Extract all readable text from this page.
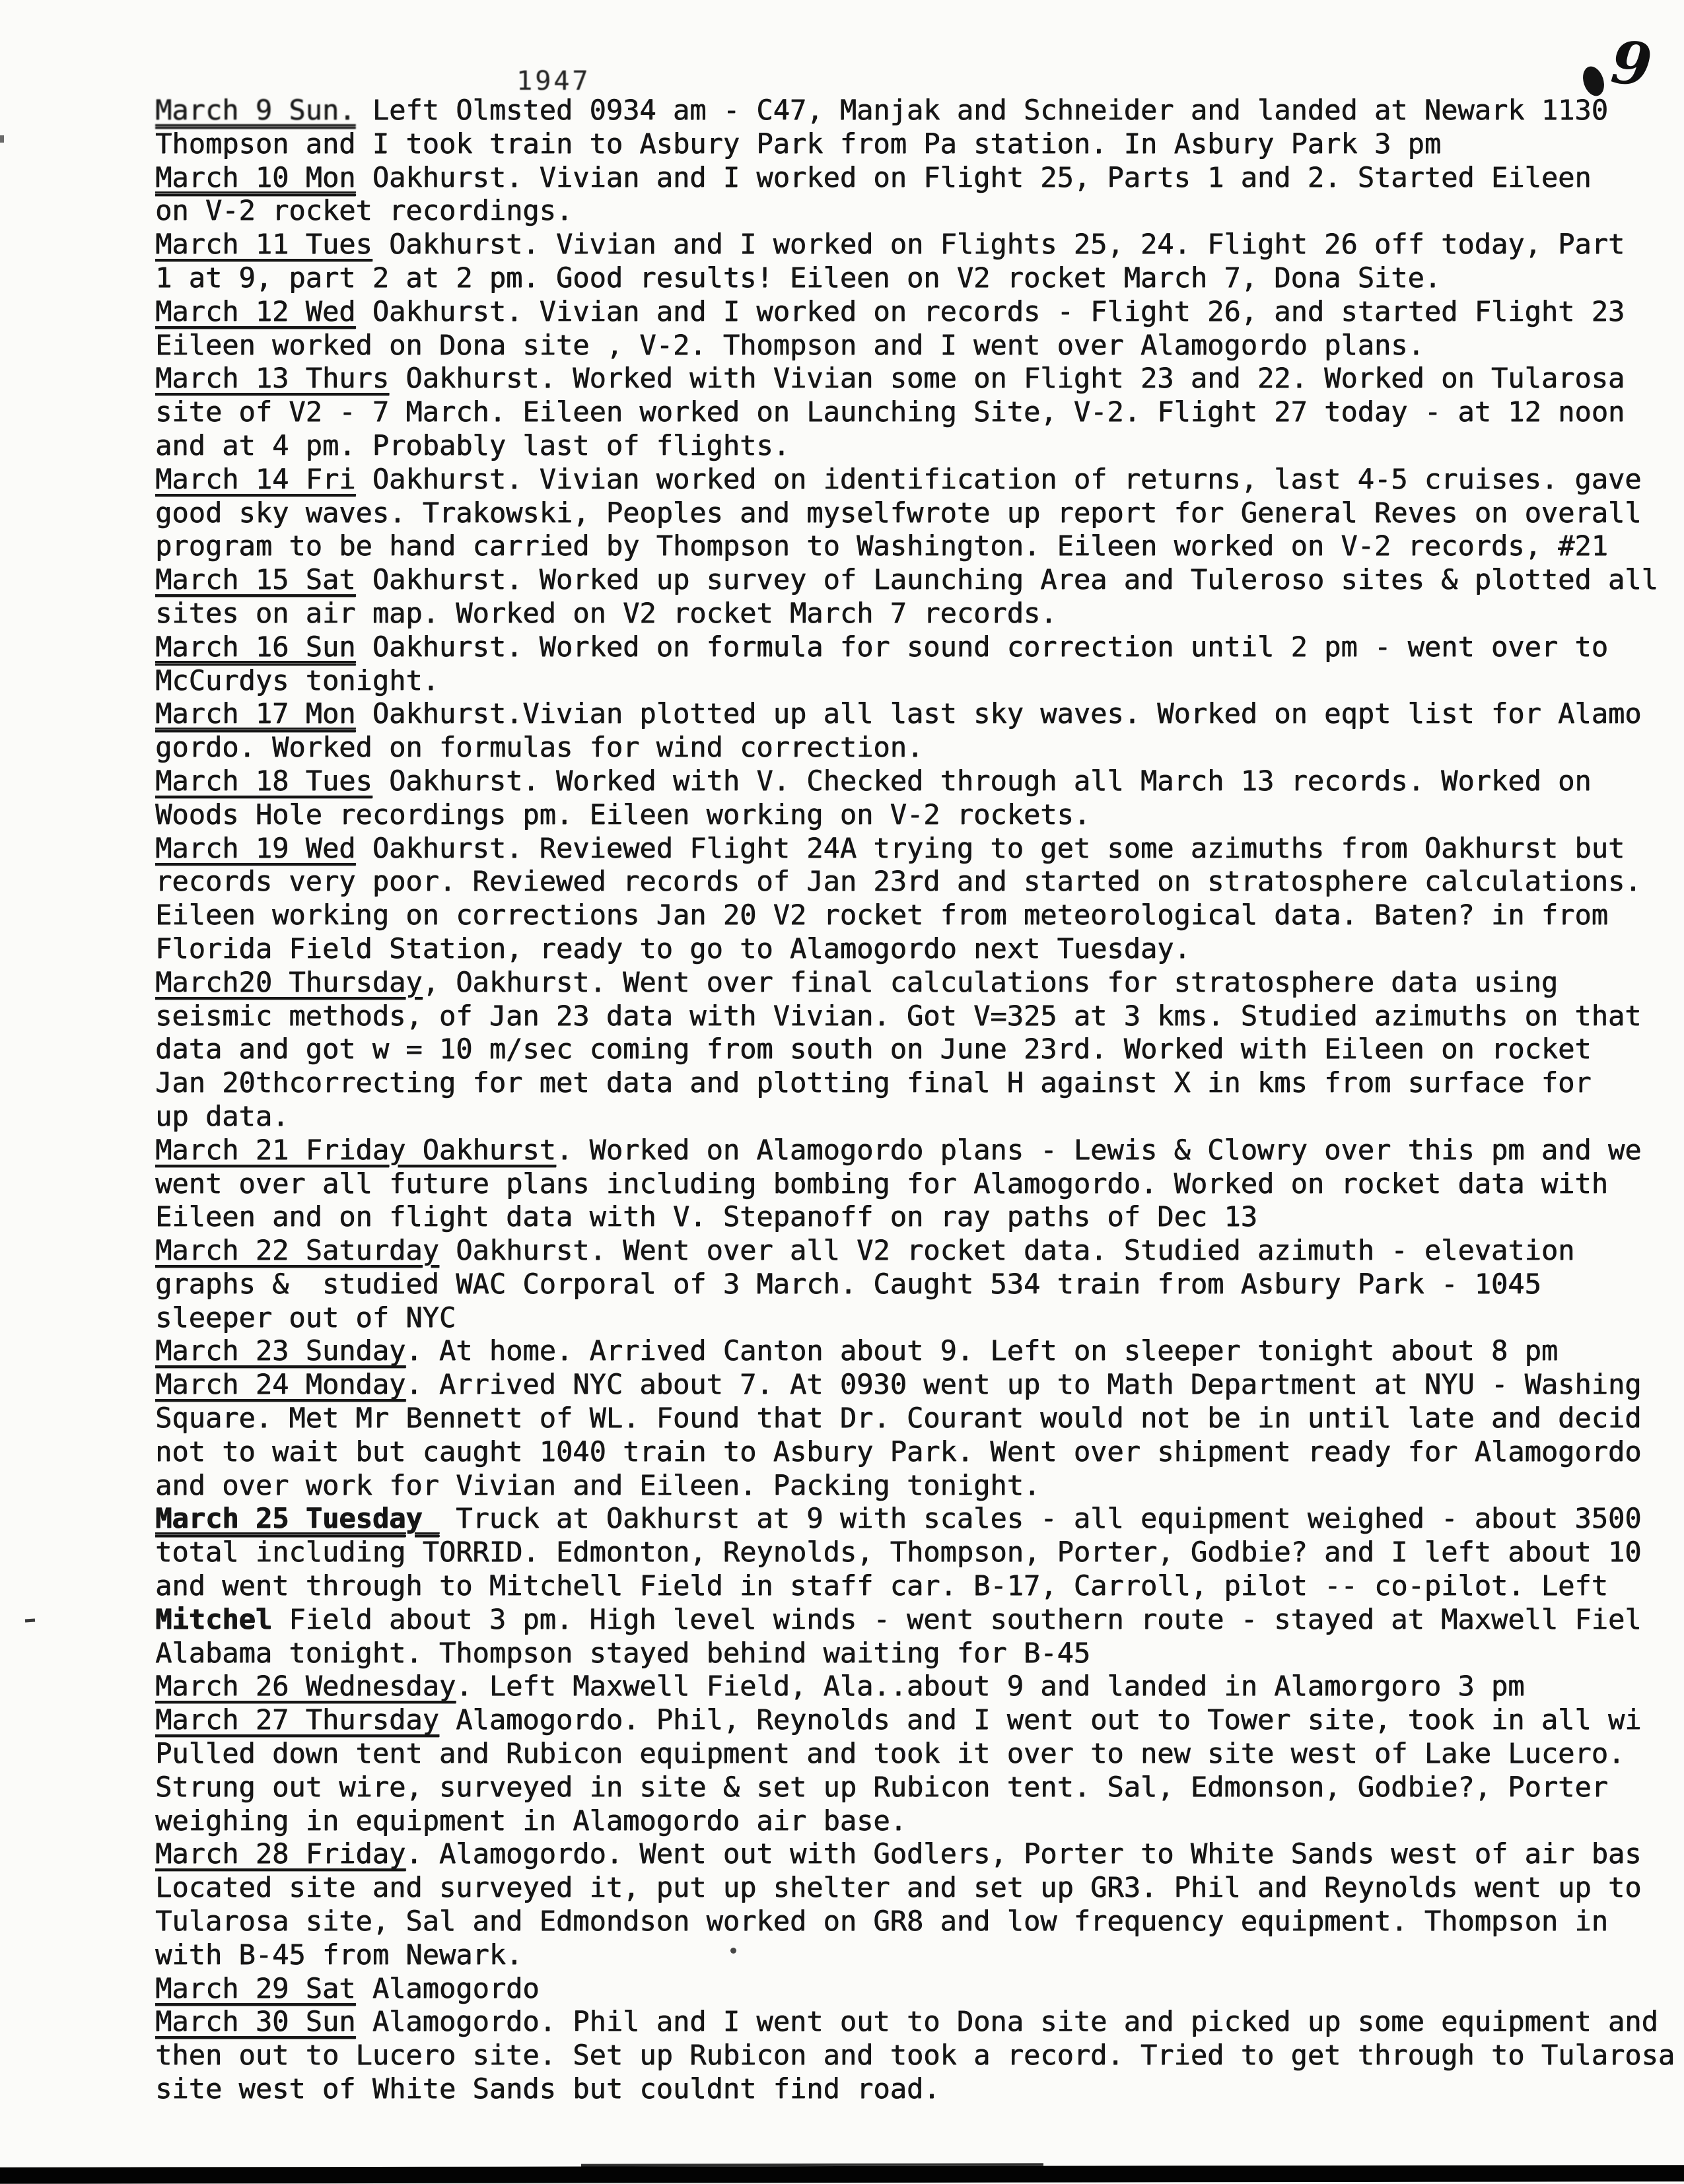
1947	9
March 9 Sun. Left Olmsted 0934 am - C47, Manjak and Schneider and landed at Newark 1130
Thompson and I took train to Asbury Park from Pa station. In Asbury Park 3 pm
March 10 Mon Oakhurst. Vivian and I worked on Flight 25, Parts 1 and 2. Started Eileen
on V-2 rocket recordings.
March 11 Tues Oakhurst. Vivian and I worked on Flights 25, 24. Flight 26 off today, Part
1 at 9, part 2 at 2 pm. Good results! Eileen on V2 rocket March 7, Dona Site.
March 12 Wed Oakhurst. Vivian and I worked on records - Flight 26, and started Flight 23
Eileen worked on Dona site , V-2. Thompson and I went over Alamogordo plans.
March 13 Thurs Oakhurst. Worked with Vivian some on Flight 23 and 22. Worked on Tularosa
site of V2 - 7 March. Eileen worked on Launching Site, V-2. Flight 27 today - at 12 noon
and at 4 pm. Probably last of flights.
March 14 Fri Oakhurst. Vivian worked on identification of returns, last 4-5 cruises. gave
good sky waves. Trakowski, Peoples and myselfwrote up report for General Reves on overall
program to be hand carried by Thompson to Washington. Eileen worked on V-2 records, #21
March 15 Sat Oakhurst. Worked up survey of Launching Area and Tuleroso sites & plotted all
sites on air map. Worked on V2 rocket March 7 records.
March 16 Sun Oakhurst. Worked on formula for sound correction until 2 pm - went over to
McCurdys tonight.
March 17 Mon Oakhurst.Vivian plotted up all last sky waves. Worked on eqpt list for Alamo
gordo. Worked on formulas for wind correction.
March 18 Tues Oakhurst. Worked with V. Checked through all March 13 records. Worked on
Woods Hole recordings pm. Eileen working on V-2 rockets.
March 19 Wed Oakhurst. Reviewed Flight 24A trying to get some azimuths from Oakhurst but
records very poor. Reviewed records of Jan 23rd and started on stratosphere calculations.
Eileen working on corrections Jan 20 V2 rocket from meteorological data. Baten? in from
Florida Field Station, ready to go to Alamogordo next Tuesday.
March20 Thursday, Oakhurst. Went over final calculations for stratosphere data using
seismic methods, of Jan 23 data with Vivian. Got V=325 at 3 kms. Studied azimuths on that
data and got w = 10 m/sec coming from south on June 23rd. Worked with Eileen on rocket
Jan 20thcorrecting for met data and plotting final H against X in kms from surface for
up data.
March 21 Friday Oakhurst. Worked on Alamogordo plans - Lewis & Clowry over this pm and we
went over all future plans including bombing for Alamogordo. Worked on rocket data with
Eileen and on flight data with V. Stepanoff on ray paths of Dec 13
March 22 Saturday Oakhurst. Went over all V2 rocket data. Studied azimuth - elevation
graphs &  studied WAC Corporal of 3 March. Caught 534 train from Asbury Park - 1045
sleeper out of NYC
March 23 Sunday. At home. Arrived Canton about 9. Left on sleeper tonight about 8 pm
March 24 Monday. Arrived NYC about 7. At 0930 went up to Math Department at NYU - Washing
Square. Met Mr Bennett of WL. Found that Dr. Courant would not be in until late and decid
not to wait but caught 1040 train to Asbury Park. Went over shipment ready for Alamogordo
and over work for Vivian and Eileen. Packing tonight.
March 25 Tuesday  Truck at Oakhurst at 9 with scales - all equipment weighed - about 3500
total including TORRID. Edmonton, Reynolds, Thompson, Porter, Godbie? and I left about 10
and went through to Mitchell Field in staff car. B-17, Carroll, pilot -- co-pilot. Left
Mitchel Field about 3 pm. High level winds - went southern route - stayed at Maxwell Fiel
Alabama tonight. Thompson stayed behind waiting for B-45
March 26 Wednesday. Left Maxwell Field, Ala..about 9 and landed in Alamorgoro 3 pm
March 27 Thursday Alamogordo. Phil, Reynolds and I went out to Tower site, took in all wi
Pulled down tent and Rubicon equipment and took it over to new site west of Lake Lucero.
Strung out wire, surveyed in site & set up Rubicon tent. Sal, Edmonson, Godbie?, Porter
weighing in equipment in Alamogordo air base.
March 28 Friday. Alamogordo. Went out with Godlers, Porter to White Sands west of air bas
Located site and surveyed it, put up shelter and set up GR3. Phil and Reynolds went up to
Tularosa site, Sal and Edmondson worked on GR8 and low frequency equipment. Thompson in
with B-45 from Newark.
March 29 Sat Alamogordo
March 30 Sun Alamogordo. Phil and I went out to Dona site and picked up some equipment and
then out to Lucero site. Set up Rubicon and took a record. Tried to get through to Tularosa
site west of White Sands but couldnt find road.
